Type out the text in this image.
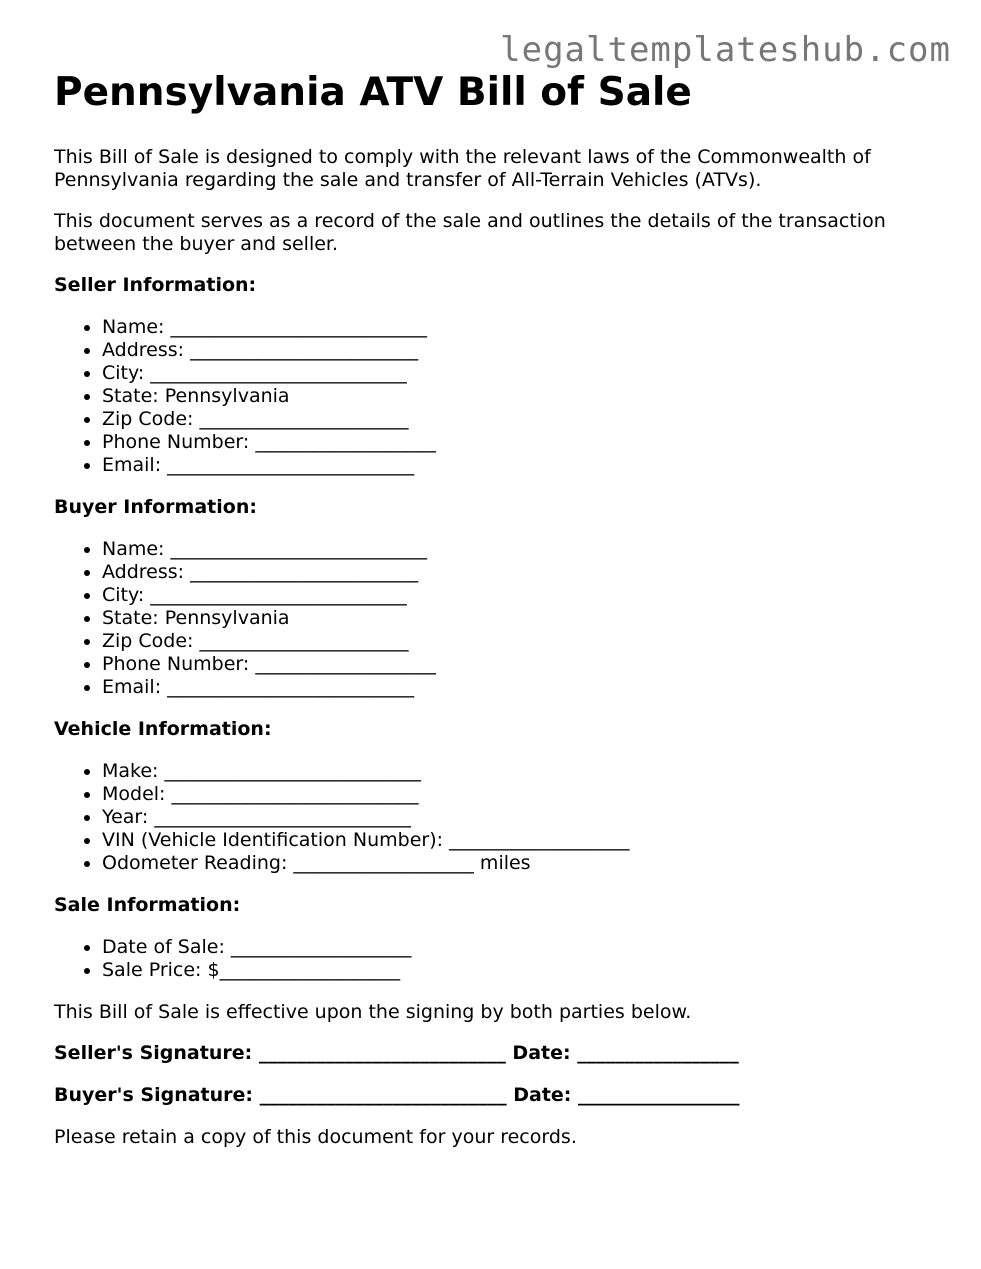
legaltemplateshub.com
Pennsylvania ATV Bill of Sale

This Bill of Sale is designed to comply with the relevant laws of the Commonwealth of Pennsylvania regarding the sale and transfer of All-Terrain Vehicles (ATVs).

This document serves as a record of the sale and outlines the details of the transaction between the buyer and seller.

Seller Information:

• Name: ___________________________
• Address: ________________________
• City: ___________________________
• State: Pennsylvania
• Zip Code: ______________________
• Phone Number: ___________________
• Email: __________________________

Buyer Information:

• Name: ___________________________
• Address: ________________________
• City: ___________________________
• State: Pennsylvania
• Zip Code: ______________________
• Phone Number: ___________________
• Email: __________________________

Vehicle Information:

• Make: ___________________________
• Model: __________________________
• Year: ___________________________
• VIN (Vehicle Identification Number): ___________________
• Odometer Reading: ___________________ miles

Sale Information:

• Date of Sale: ___________________
• Sale Price: $___________________

This Bill of Sale is effective upon the signing by both parties below.

Seller's Signature: __________________________ Date: _________________

Buyer's Signature: __________________________ Date: _________________

Please retain a copy of this document for your records.
